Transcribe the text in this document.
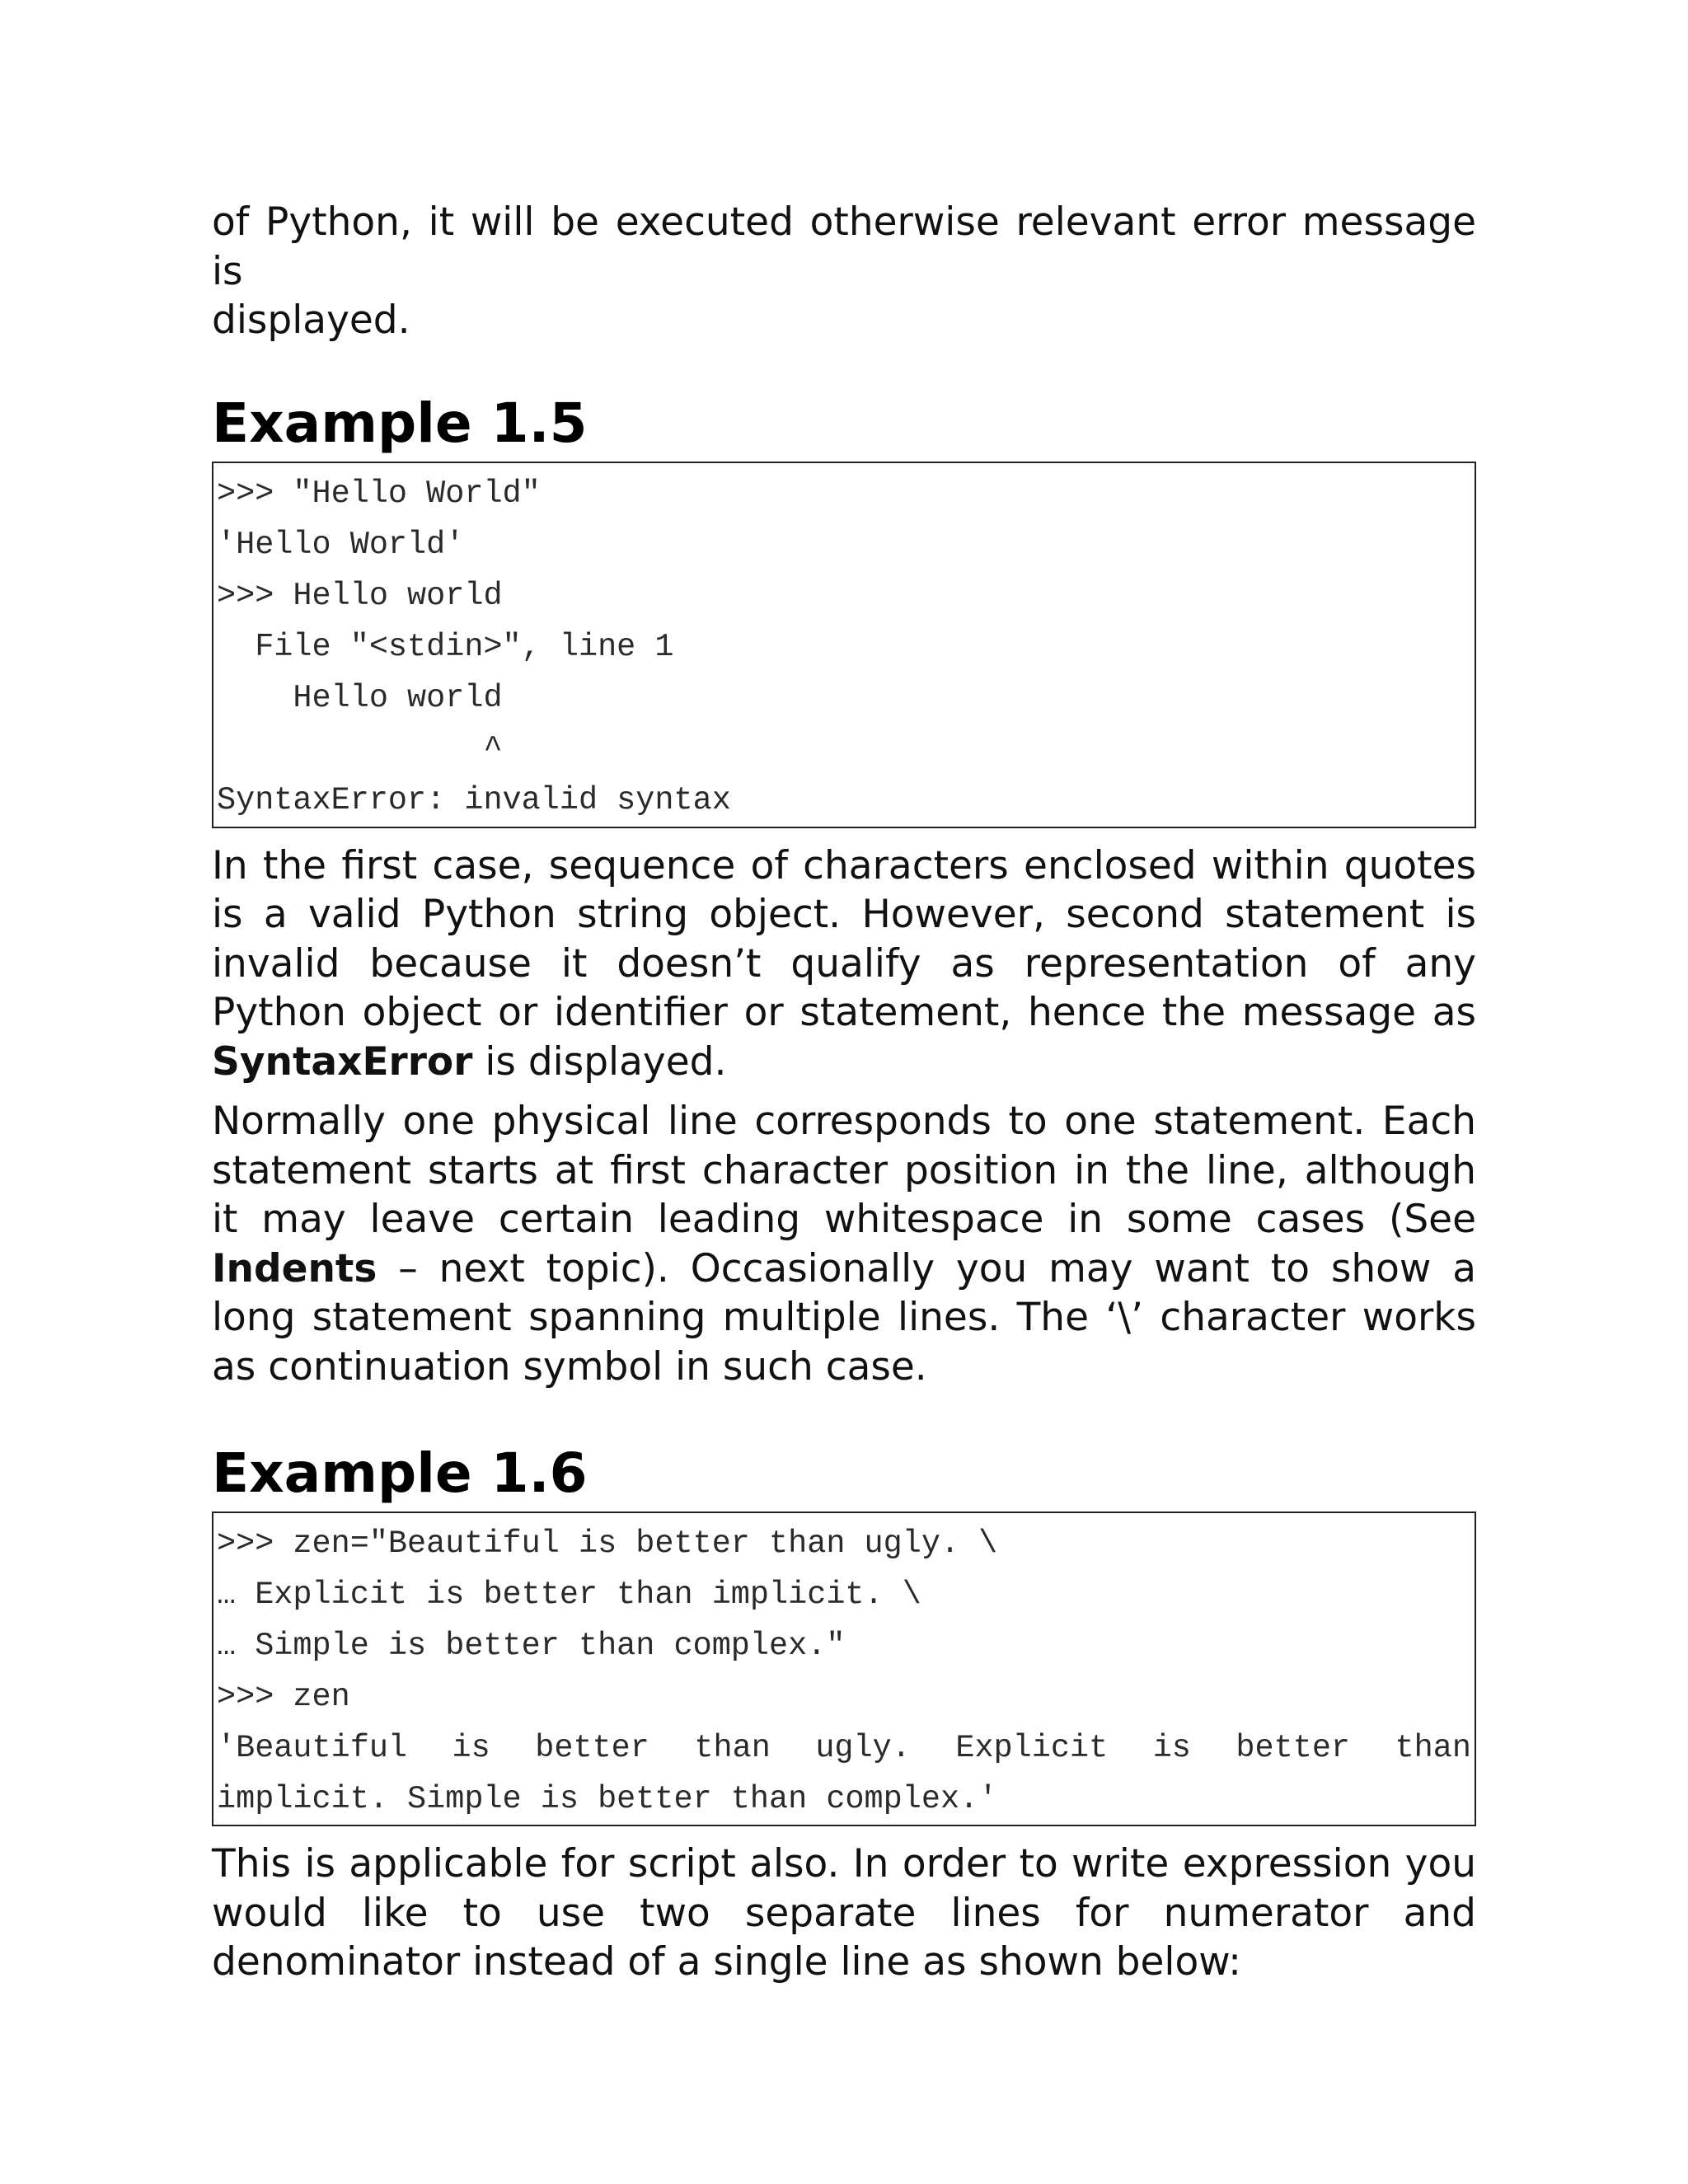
of Python, it will be executed otherwise relevant error message is
displayed.

Example 1.5
>>> "Hello World"
'Hello World'
>>> Hello world
File "<stdin>", line 1
Hello world
^
SyntaxError: invalid syntax

In the first case, sequence of characters enclosed within quotes is a valid Python string object. However, second statement is invalid because it doesn’t qualify as representation of any Python object or identifier or statement, hence the message as SyntaxError is displayed.

Normally one physical line corresponds to one statement. Each statement starts at first character position in the line, although it may leave certain leading whitespace in some cases (See Indents – next topic). Occasionally you may want to show a long statement spanning multiple lines. The ‘\’ character works as continuation symbol in such case.

Example 1.6
>>> zen="Beautiful is better than ugly. \
… Explicit is better than implicit. \
… Simple is better than complex."
>>> zen
'Beautiful is better than ugly. Explicit is better than
implicit. Simple is better than complex.'

This is applicable for script also. In order to write expression you would like to use two separate lines for numerator and denominator instead of a single line as shown below:
